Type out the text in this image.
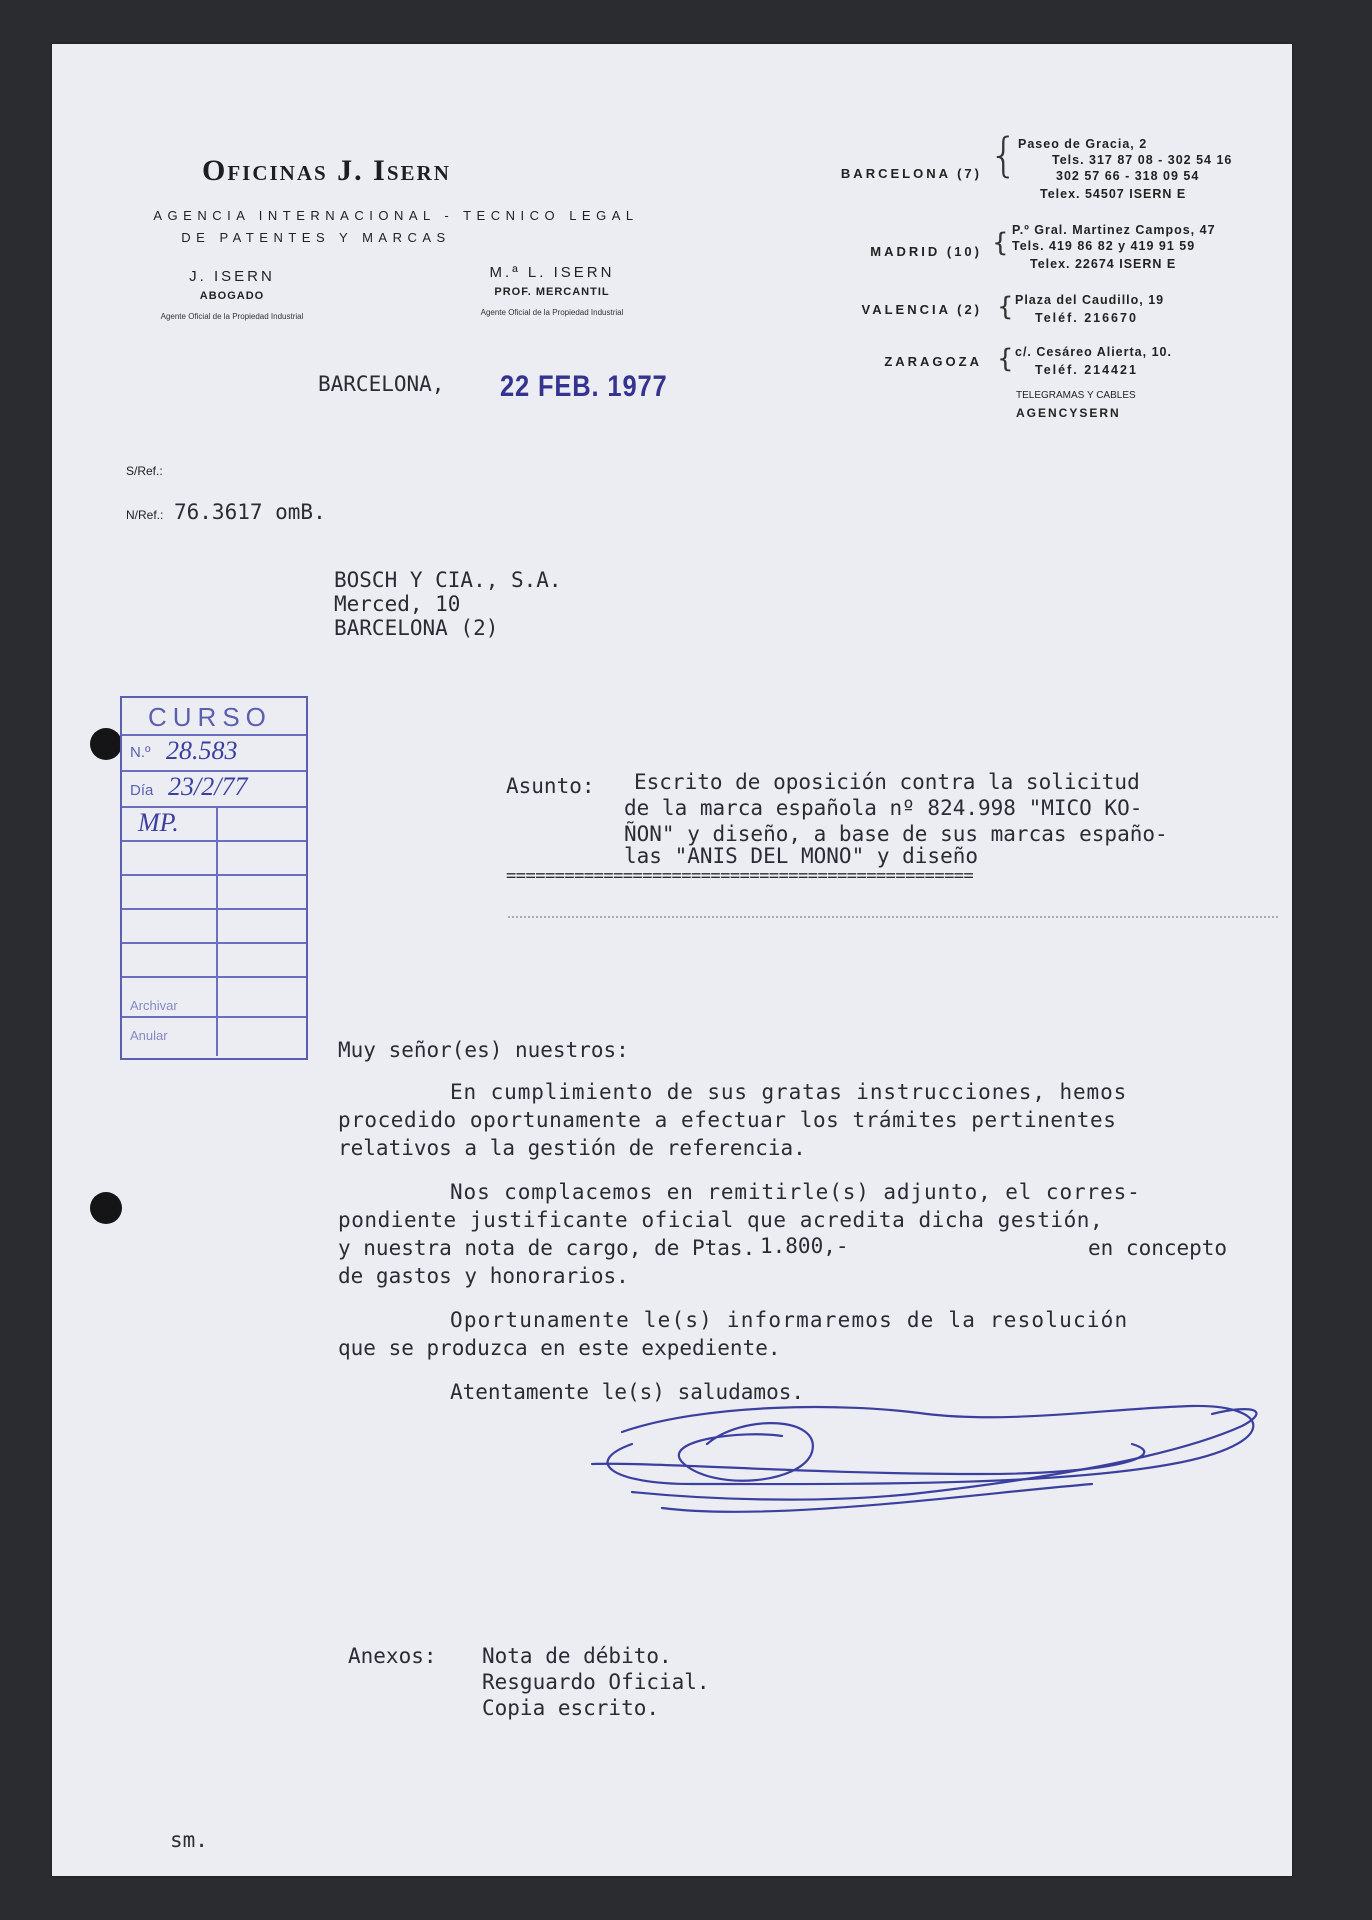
Oficinas J. Isern
AGENCIA INTERNACIONAL - TECNICO LEGAL
DE PATENTES Y MARCAS
J. ISERN
ABOGADO
Agente Oficial de la Propiedad Industrial
M.ª L. ISERN
PROF. MERCANTIL
Agente Oficial de la Propiedad Industrial
BARCELONA (7) { Paseo de Gracia, 2
Tels. 317 87 08 - 302 54 16
302 57 66 - 318 09 54
Telex. 54507 ISERN E
MADRID (10) { P.º Gral. Martinez Campos, 47
Tels. 419 86 82 y 419 91 59
Telex. 22674 ISERN E
VALENCIA (2) { Plaza del Caudillo, 19
Teléf. 216670
ZARAGOZA { c/. Cesáreo Alierta, 10.
Teléf. 214421
TELEGRAMAS Y CABLES
AGENCYSERN
BARCELONA, 22 FEB. 1977
S/Ref.:
N/Ref.: 76.3617 omB.
BOSCH Y CIA., S.A.
Merced, 10
BARCELONA (2)
CURSO
N.º 28.583
Día 23/2/77
MP.
Archivar
Anular
Asunto: Escrito de oposición contra la solicitud
de la marca española nº 824.998 "MICO KO-
ÑON" y diseño, a base de sus marcas españo-
las "ANIS DEL MONO" y diseño
================================================
Muy señor(es) nuestros:
En cumplimiento de sus gratas instrucciones, hemos
procedido oportunamente a efectuar los trámites pertinentes
relativos a la gestión de referencia.
Nos complacemos en remitirle(s) adjunto, el corres-
pondiente justificante oficial que acredita dicha gestión,
y nuestra nota de cargo, de Ptas. 1.800,-	en concepto
de gastos y honorarios.
Oportunamente le(s) informaremos de la resolución
que se produzca en este expediente.
Atentamente le(s) saludamos.
Anexos: Nota de débito.
Resguardo Oficial.
Copia escrito.
sm.
